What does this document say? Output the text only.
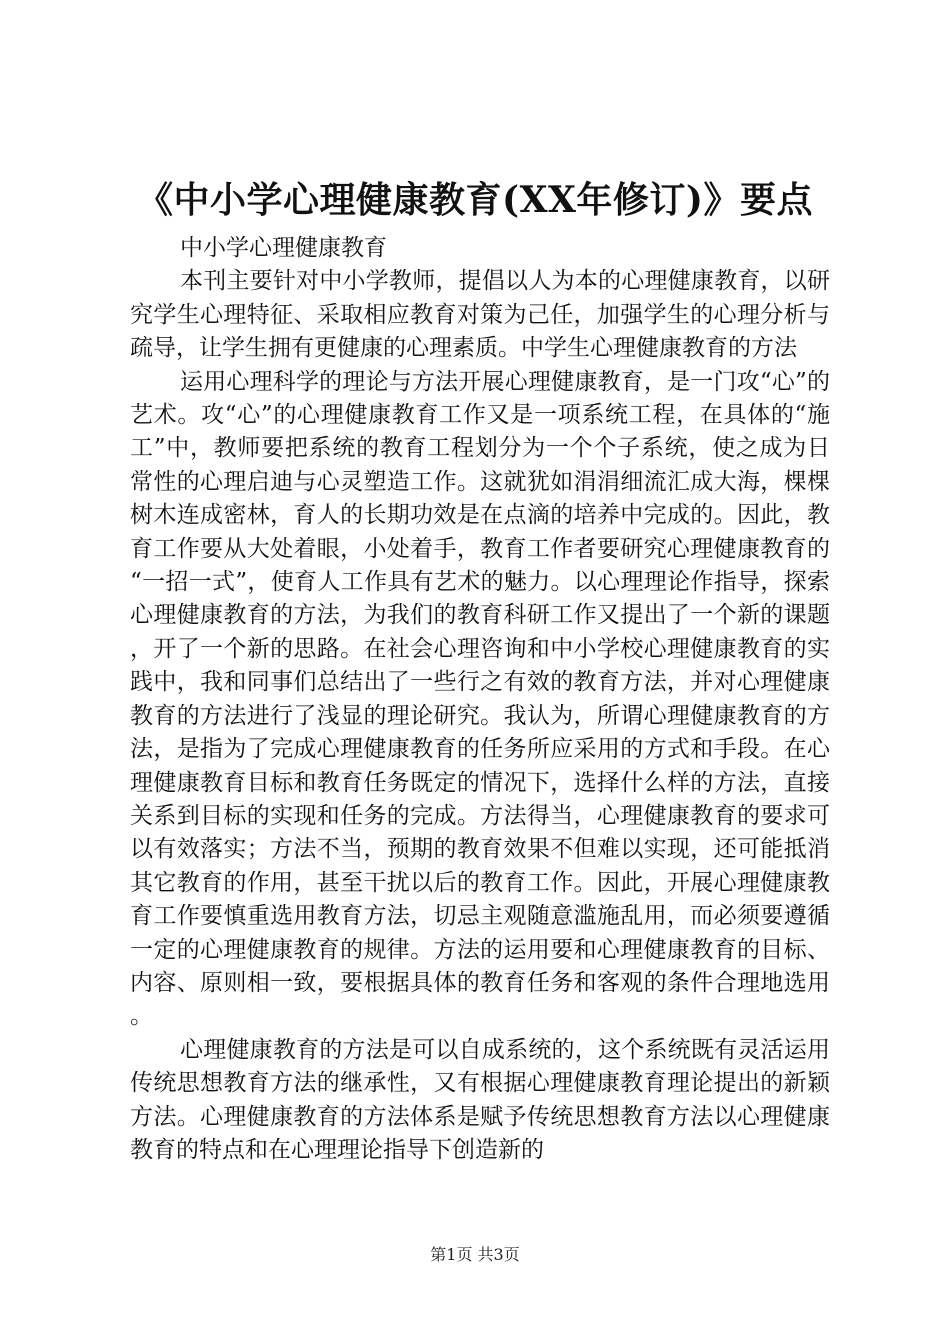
《中小学心理健康教育(XX年修订)》要点

中小学心理健康教育

本刊主要针对中小学教师，提倡以人为本的心理健康教育，以研究学生心理特征、采取相应教育对策为己任，加强学生的心理分析与疏导，让学生拥有更健康的心理素质。中学生心理健康教育的方法

运用心理科学的理论与方法开展心理健康教育，是一门攻“心”的艺术。攻“心”的心理健康教育工作又是一项系统工程，在具体的“施工”中，教师要把系统的教育工程划分为一个个子系统，使之成为日常性的心理启迪与心灵塑造工作。这就犹如涓涓细流汇成大海，棵棵树木连成密林，育人的长期功效是在点滴的培养中完成的。因此，教育工作要从大处着眼，小处着手，教育工作者要研究心理健康教育的“一招一式”，使育人工作具有艺术的魅力。以心理理论作指导，探索心理健康教育的方法，为我们的教育科研工作又提出了一个新的课题，开了一个新的思路。在社会心理咨询和中小学校心理健康教育的实践中，我和同事们总结出了一些行之有效的教育方法，并对心理健康教育的方法进行了浅显的理论研究。我认为，所谓心理健康教育的方法，是指为了完成心理健康教育的任务所应采用的方式和手段。在心理健康教育目标和教育任务既定的情况下，选择什么样的方法，直接关系到目标的实现和任务的完成。方法得当，心理健康教育的要求可以有效落实；方法不当，预期的教育效果不但难以实现，还可能抵消其它教育的作用，甚至干扰以后的教育工作。因此，开展心理健康教育工作要慎重选用教育方法，切忌主观随意滥施乱用，而必须要遵循一定的心理健康教育的规律。方法的运用要和心理健康教育的目标、内容、原则相一致，要根据具体的教育任务和客观的条件合理地选用。

心理健康教育的方法是可以自成系统的，这个系统既有灵活运用传统思想教育方法的继承性，又有根据心理健康教育理论提出的新颖方法。心理健康教育的方法体系是赋予传统思想教育方法以心理健康教育的特点和在心理理论指导下创造新的

第1页 共3页
